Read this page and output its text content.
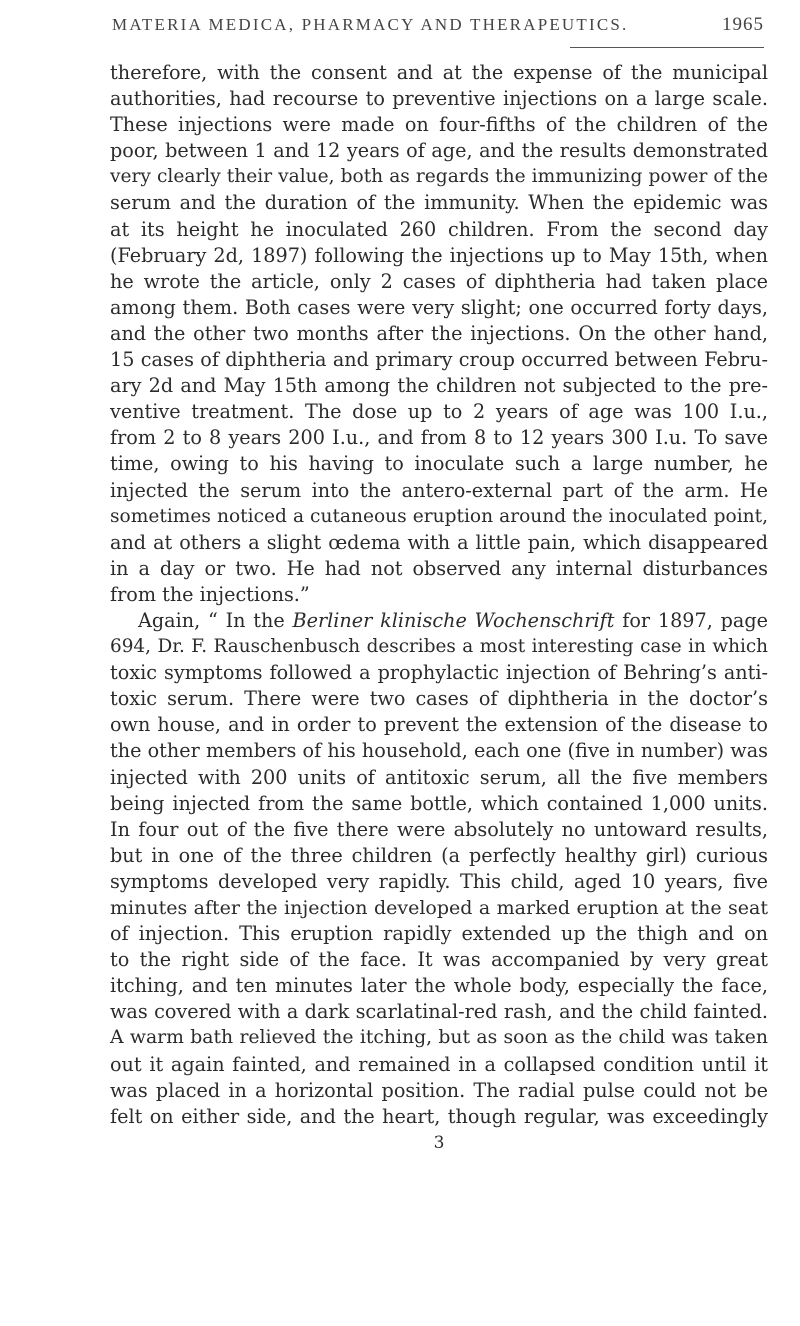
MATERIA MEDICA, PHARMACY AND THERAPEUTICS.	1965
therefore, with the consent and at the expense of the municipal
authorities, had recourse to preventive injections on a large scale.
These injections were made on four-fifths of the children of the
poor, between 1 and 12 years of age, and the results demonstrated
very clearly their value, both as regards the immunizing power of the
serum and the duration of the immunity. When the epidemic was
at its height he inoculated 260 children. From the second day
(February 2d, 1897) following the injections up to May 15th, when
he wrote the article, only 2 cases of diphtheria had taken place
among them. Both cases were very slight; one occurred forty days,
and the other two months after the injections. On the other hand,
15 cases of diphtheria and primary croup occurred between Febru-
ary 2d and May 15th among the children not subjected to the pre-
ventive treatment. The dose up to 2 years of age was 100 I.u.,
from 2 to 8 years 200 I.u., and from 8 to 12 years 300 I.u. To save
time, owing to his having to inoculate such a large number, he
injected the serum into the antero-external part of the arm. He
sometimes noticed a cutaneous eruption around the inoculated point,
and at others a slight œdema with a little pain, which disappeared
in a day or two. He had not observed any internal disturbances
from the injections.”
Again, “ In the Berliner klinische Wochenschrift for 1897, page
694, Dr. F. Rauschenbusch describes a most interesting case in which
toxic symptoms followed a prophylactic injection of Behring’s anti-
toxic serum. There were two cases of diphtheria in the doctor’s
own house, and in order to prevent the extension of the disease to
the other members of his household, each one (five in number) was
injected with 200 units of antitoxic serum, all the five members
being injected from the same bottle, which contained 1,000 units.
In four out of the five there were absolutely no untoward results,
but in one of the three children (a perfectly healthy girl) curious
symptoms developed very rapidly. This child, aged 10 years, five
minutes after the injection developed a marked eruption at the seat
of injection. This eruption rapidly extended up the thigh and on
to the right side of the face. It was accompanied by very great
itching, and ten minutes later the whole body, especially the face,
was covered with a dark scarlatinal-red rash, and the child fainted.
A warm bath relieved the itching, but as soon as the child was taken
out it again fainted, and remained in a collapsed condition until it
was placed in a horizontal position. The radial pulse could not be
felt on either side, and the heart, though regular, was exceedingly
3
